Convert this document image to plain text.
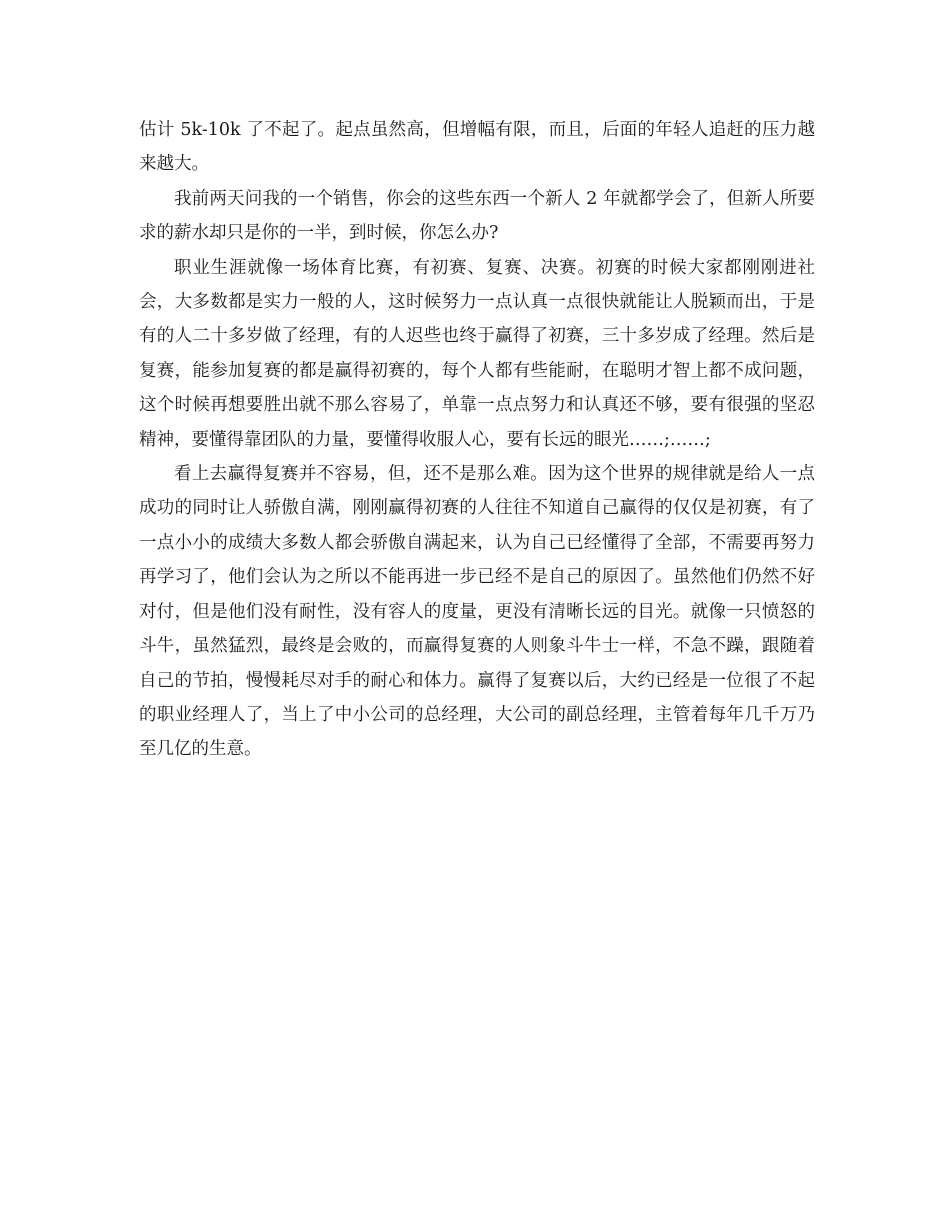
估计 5k-10k 了不起了。起点虽然高，但增幅有限，而且，后面的年轻人追赶的压力越来越大。

我前两天问我的一个销售，你会的这些东西一个新人 2 年就都学会了，但新人所要求的薪水却只是你的一半，到时候，你怎么办?

职业生涯就像一场体育比赛，有初赛、复赛、决赛。初赛的时候大家都刚刚进社会，大多数都是实力一般的人，这时候努力一点认真一点很快就能让人脱颖而出，于是有的人二十多岁做了经理，有的人迟些也终于赢得了初赛，三十多岁成了经理。然后是复赛，能参加复赛的都是赢得初赛的，每个人都有些能耐，在聪明才智上都不成问题，这个时候再想要胜出就不那么容易了，单靠一点点努力和认真还不够，要有很强的坚忍精神，要懂得靠团队的力量，要懂得收服人心，要有长远的眼光……;……;

看上去赢得复赛并不容易，但，还不是那么难。因为这个世界的规律就是给人一点成功的同时让人骄傲自满，刚刚赢得初赛的人往往不知道自己赢得的仅仅是初赛，有了一点小小的成绩大多数人都会骄傲自满起来，认为自己已经懂得了全部，不需要再努力再学习了，他们会认为之所以不能再进一步已经不是自己的原因了。虽然他们仍然不好对付，但是他们没有耐性，没有容人的度量，更没有清晰长远的目光。就像一只愤怒的斗牛，虽然猛烈，最终是会败的，而赢得复赛的人则象斗牛士一样，不急不躁，跟随着自己的节拍，慢慢耗尽对手的耐心和体力。赢得了复赛以后，大约已经是一位很了不起的职业经理人了，当上了中小公司的总经理，大公司的副总经理，主管着每年几千万乃至几亿的生意。
